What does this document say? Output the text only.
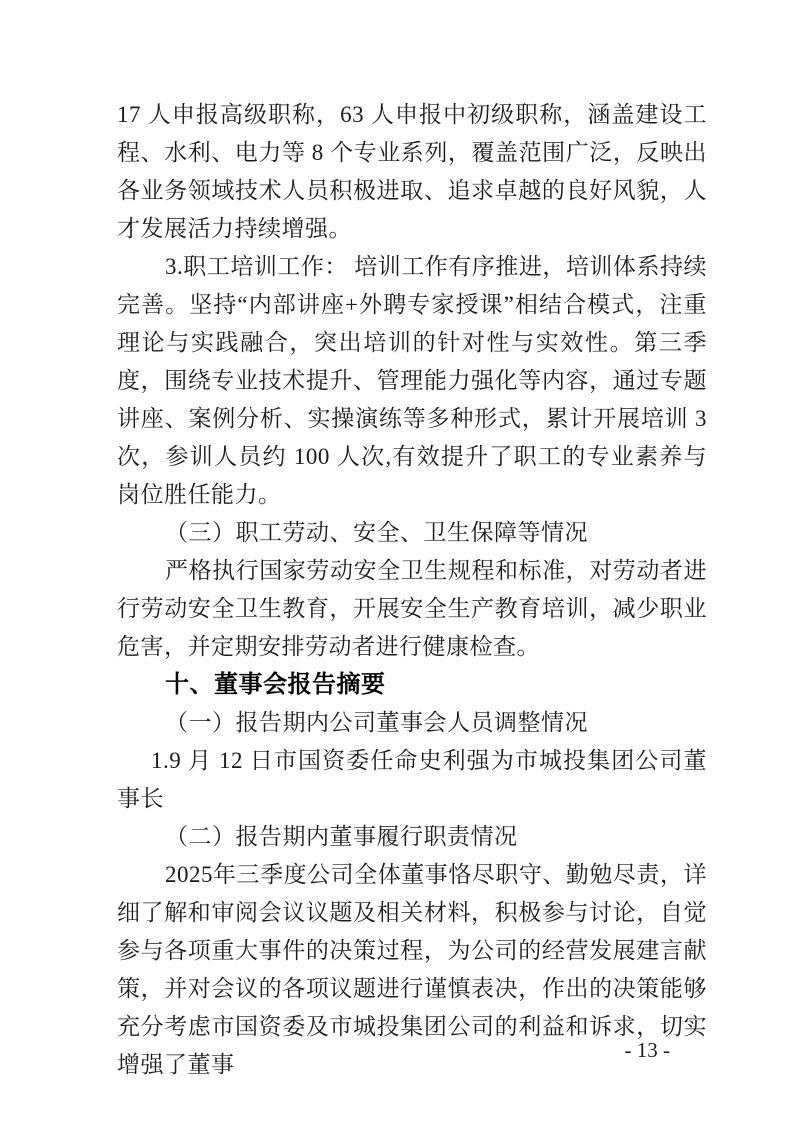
17 人申报高级职称，63 人申报中初级职称，涵盖建设工程、水利、电力等 8 个专业系列，覆盖范围广泛，反映出各业务领域技术人员积极进取、追求卓越的良好风貌，人才发展活力持续增强。

3.职工培训工作： 培训工作有序推进，培训体系持续完善。坚持“内部讲座+外聘专家授课”相结合模式，注重理论与实践融合，突出培训的针对性与实效性。第三季度，围绕专业技术提升、管理能力强化等内容，通过专题讲座、案例分析、实操演练等多种形式，累计开展培训 3 次，参训人员约 100 人次,有效提升了职工的专业素养与岗位胜任能力。

（三）职工劳动、安全、卫生保障等情况

严格执行国家劳动安全卫生规程和标准，对劳动者进行劳动安全卫生教育，开展安全生产教育培训，减少职业危害，并定期安排劳动者进行健康检查。

十、董事会报告摘要

（一）报告期内公司董事会人员调整情况

1.9 月 12 日市国资委任命史利强为市城投集团公司董事长

（二）报告期内董事履行职责情况

2025年三季度公司全体董事恪尽职守、勤勉尽责，详细了解和审阅会议议题及相关材料，积极参与讨论，自觉参与各项重大事件的决策过程，为公司的经营发展建言献策，并对会议的各项议题进行谨慎表决，作出的决策能够充分考虑市国资委及市城投集团公司的利益和诉求，切实增强了董事

- 13 -
